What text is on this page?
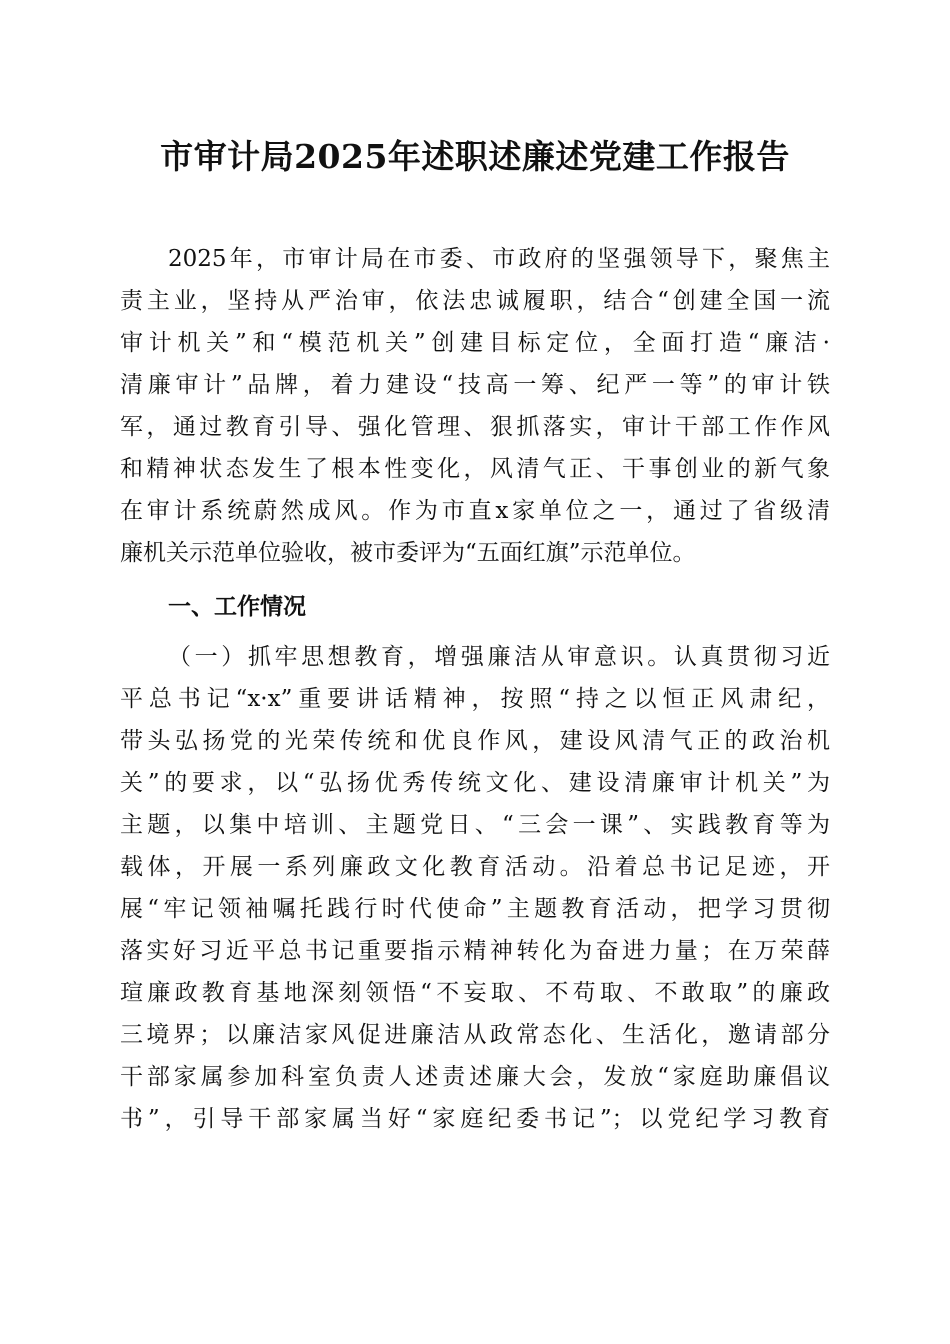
市审计局2025年述职述廉述党建工作报告
2025年，市审计局在市委、市政府的坚强领导下，聚焦主
责主业，坚持从严治审，依法忠诚履职，结合“创建全国一流
审计机关”和“模范机关”创建目标定位，全面打造“廉洁·
清廉审计”品牌，着力建设“技高一筹、纪严一等”的审计铁
军，通过教育引导、强化管理、狠抓落实，审计干部工作作风
和精神状态发生了根本性变化，风清气正、干事创业的新气象
在审计系统蔚然成风。作为市直x家单位之一，通过了省级清
廉机关示范单位验收，被市委评为“五面红旗”示范单位。
一、工作情况
（一）抓牢思想教育，增强廉洁从审意识。认真贯彻习近
平总书记“x·x”重要讲话精神，按照“持之以恒正风肃纪，
带头弘扬党的光荣传统和优良作风，建设风清气正的政治机
关”的要求，以“弘扬优秀传统文化、建设清廉审计机关”为
主题，以集中培训、主题党日、“三会一课”、实践教育等为
载体，开展一系列廉政文化教育活动。沿着总书记足迹，开
展“牢记领袖嘱托践行时代使命”主题教育活动，把学习贯彻
落实好习近平总书记重要指示精神转化为奋进力量；在万荣薛
瑄廉政教育基地深刻领悟“不妄取、不苟取、不敢取”的廉政
三境界；以廉洁家风促进廉洁从政常态化、生活化，邀请部分
干部家属参加科室负责人述责述廉大会，发放“家庭助廉倡议
书”，引导干部家属当好“家庭纪委书记”；以党纪学习教育
